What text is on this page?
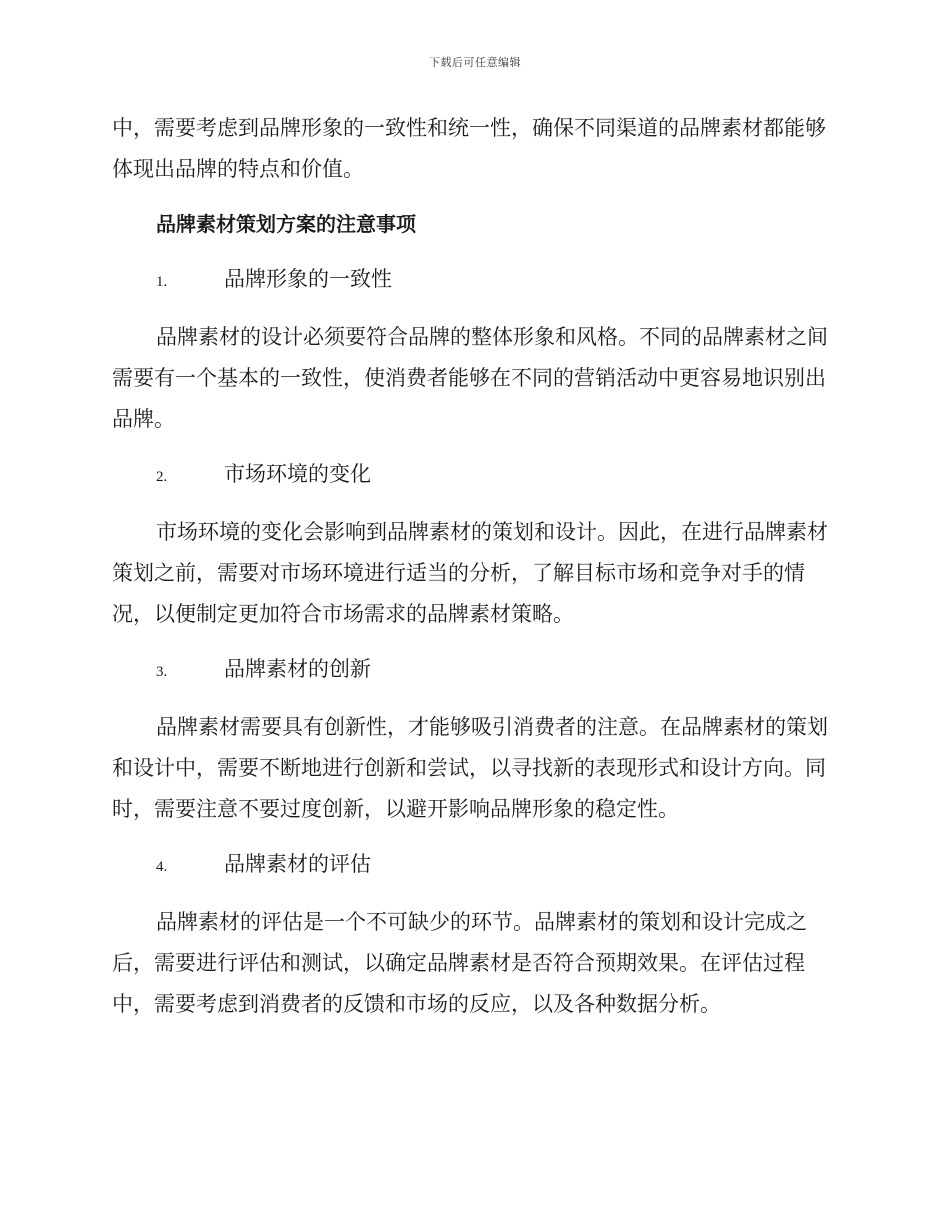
下载后可任意编辑

中，需要考虑到品牌形象的一致性和统一性，确保不同渠道的品牌素材都能够体现出品牌的特点和价值。

品牌素材策划方案的注意事项
1.	品牌形象的一致性

品牌素材的设计必须要符合品牌的整体形象和风格。不同的品牌素材之间需要有一个基本的一致性，使消费者能够在不同的营销活动中更容易地识别出品牌。

2.	市场环境的变化

市场环境的变化会影响到品牌素材的策划和设计。因此，在进行品牌素材策划之前，需要对市场环境进行适当的分析，了解目标市场和竞争对手的情况，以便制定更加符合市场需求的品牌素材策略。

3.	品牌素材的创新

品牌素材需要具有创新性，才能够吸引消费者的注意。在品牌素材的策划和设计中，需要不断地进行创新和尝试，以寻找新的表现形式和设计方向。同时，需要注意不要过度创新，以避开影响品牌形象的稳定性。

4.	品牌素材的评估

品牌素材的评估是一个不可缺少的环节。品牌素材的策划和设计完成之后，需要进行评估和测试，以确定品牌素材是否符合预期效果。在评估过程中，需要考虑到消费者的反馈和市场的反应，以及各种数据分析。
